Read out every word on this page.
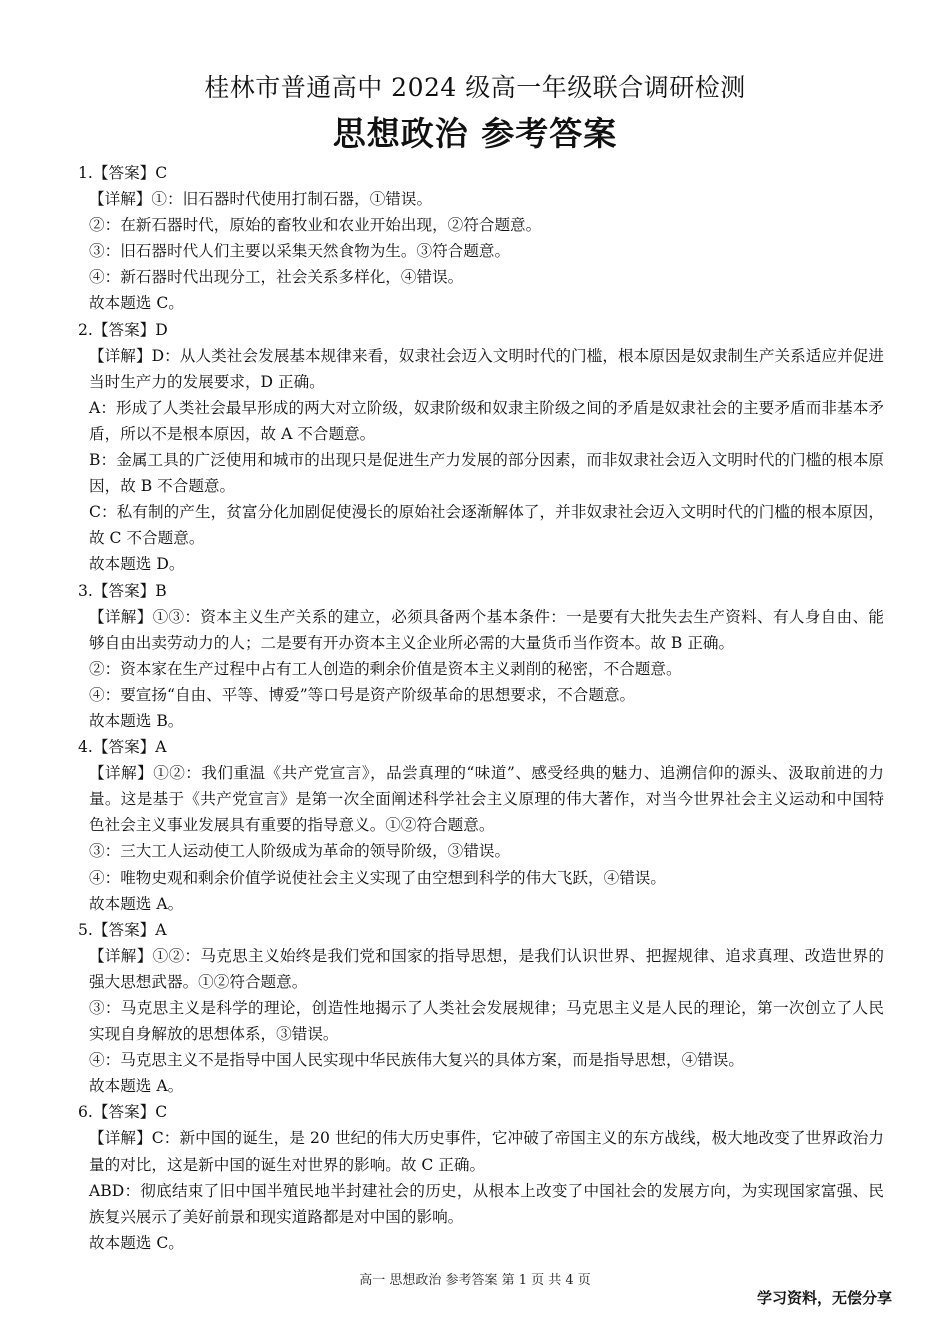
桂林市普通高中 2024 级高一年级联合调研检测
思想政治 参考答案

1.【答案】C

【详解】①：旧石器时代使用打制石器，①错误。

②：在新石器时代，原始的畜牧业和农业开始出现，②符合题意。

③：旧石器时代人们主要以采集天然食物为生。③符合题意。

④：新石器时代出现分工，社会关系多样化，④错误。

故本题选 C。

2.【答案】D

【详解】D：从人类社会发展基本规律来看，奴隶社会迈入文明时代的门槛，根本原因是奴隶制生产关系适应并促进当时生产力的发展要求，D 正确。

A：形成了人类社会最早形成的两大对立阶级，奴隶阶级和奴隶主阶级之间的矛盾是奴隶社会的主要矛盾而非基本矛盾，所以不是根本原因，故 A 不合题意。

B：金属工具的广泛使用和城市的出现只是促进生产力发展的部分因素，而非奴隶社会迈入文明时代的门槛的根本原因，故 B 不合题意。

C：私有制的产生，贫富分化加剧促使漫长的原始社会逐渐解体了，并非奴隶社会迈入文明时代的门槛的根本原因，故 C 不合题意。

故本题选 D。

3.【答案】B

【详解】①③：资本主义生产关系的建立，必须具备两个基本条件：一是要有大批失去生产资料、有人身自由、能够自由出卖劳动力的人；二是要有开办资本主义企业所必需的大量货币当作资本。故 B 正确。

②：资本家在生产过程中占有工人创造的剩余价值是资本主义剥削的秘密，不合题意。

④：要宣扬“自由、平等、博爱”等口号是资产阶级革命的思想要求，不合题意。

故本题选 B。

4.【答案】A

【详解】①②：我们重温《共产党宣言》，品尝真理的“味道”、感受经典的魅力、追溯信仰的源头、汲取前进的力量。这是基于《共产党宣言》是第一次全面阐述科学社会主义原理的伟大著作，对当今世界社会主义运动和中国特色社会主义事业发展具有重要的指导意义。①②符合题意。

③：三大工人运动使工人阶级成为革命的领导阶级，③错误。

④：唯物史观和剩余价值学说使社会主义实现了由空想到科学的伟大飞跃，④错误。

故本题选 A。

5.【答案】A

【详解】①②：马克思主义始终是我们党和国家的指导思想，是我们认识世界、把握规律、追求真理、改造世界的强大思想武器。①②符合题意。

③：马克思主义是科学的理论，创造性地揭示了人类社会发展规律；马克思主义是人民的理论，第一次创立了人民实现自身解放的思想体系，③错误。

④：马克思主义不是指导中国人民实现中华民族伟大复兴的具体方案，而是指导思想，④错误。

故本题选 A。

6.【答案】C

【详解】C：新中国的诞生，是 20 世纪的伟大历史事件，它冲破了帝国主义的东方战线，极大地改变了世界政治力量的对比，这是新中国的诞生对世界的影响。故 C 正确。

ABD：彻底结束了旧中国半殖民地半封建社会的历史，从根本上改变了中国社会的发展方向，为实现国家富强、民族复兴展示了美好前景和现实道路都是对中国的影响。

故本题选 C。

高一 思想政治 参考答案 第 1 页 共 4 页
学习资料，无偿分享
